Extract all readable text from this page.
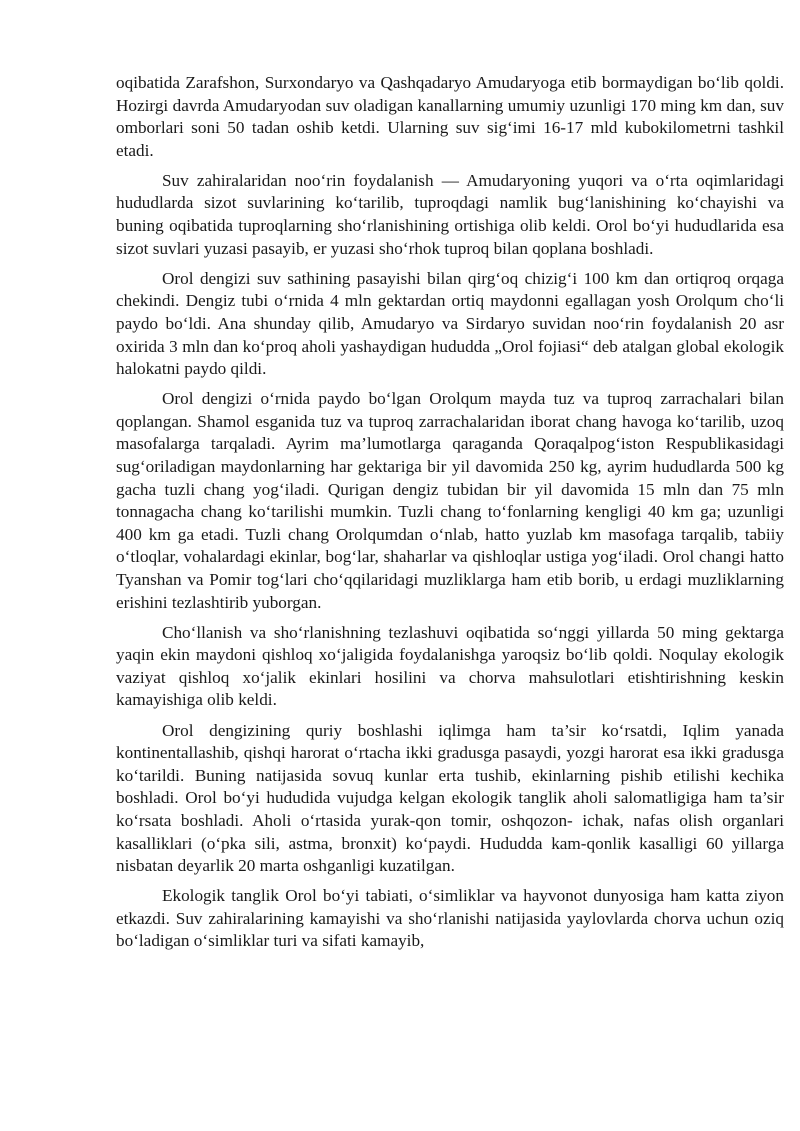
oqibatida Zarafshon, Surxondaryo va Qashqadaryo Amudaryoga etib bormaydigan bo‘lib qoldi. Hozirgi davrda Amudaryodan suv oladigan kanallarning umumiy uzunligi 170 ming km dan, suv omborlari soni 50 tadan oshib ketdi. Ularning suv sig‘imi 16-17 mld kubokilometrni tashkil etadi.

Suv zahiralaridan noo‘rin foydalanish — Amudaryoning yuqori va o‘rta oqimlaridagi hududlarda sizot suvlarining ko‘tarilib, tuproqdagi namlik bug‘lanishining ko‘chayishi va buning oqibatida tuproqlarning sho‘rlanishining ortishiga olib keldi. Orol bo‘yi hududlarida esa sizot suvlari yuzasi pasayib, er yuzasi sho‘rhok tuproq bilan qoplana boshladi.

Orol dengizi suv sathining pasayishi bilan qirg‘oq chizig‘i 100 km dan ortiqroq orqaga chekindi. Dengiz tubi o‘rnida 4 mln gektardan ortiq maydonni egallagan yosh Orolqum cho‘li paydo bo‘ldi. Ana shunday qilib, Amudaryo va Sirdaryo suvidan noo‘rin foydalanish 20 asr oxirida 3 mln dan ko‘proq aholi yashaydigan hududda „Orol fojiasi“ deb atalgan global ekologik halokatni paydo qildi.

Orol dengizi o‘rnida paydo bo‘lgan Orolqum mayda tuz va tuproq zarrachalari bilan qoplangan. Shamol esganida tuz va tuproq zarrachalaridan iborat chang havoga ko‘tarilib, uzoq masofalarga tarqaladi. Ayrim ma’lumotlarga qaraganda Qoraqalpog‘iston Respublikasidagi sug‘oriladigan maydonlarning har gektariga bir yil davomida 250 kg, ayrim hududlarda 500 kg gacha tuzli chang yog‘iladi. Qurigan dengiz tubidan bir yil davomida 15 mln dan 75 mln tonnagacha chang ko‘tarilishi mumkin. Tuzli chang to‘fonlarning kengligi 40 km ga; uzunligi 400 km ga etadi. Tuzli chang Orolqumdan o‘nlab, hatto yuzlab km masofaga tarqalib, tabiiy o‘tloqlar, vohalardagi ekinlar, bog‘lar, shaharlar va qishloqlar ustiga yog‘iladi. Orol changi hatto Tyanshan va Pomir tog‘lari cho‘qqilaridagi muzliklarga ham etib borib, u erdagi muzliklarning erishini tezlashtirib yuborgan.

Cho‘llanish va sho‘rlanishning tezlashuvi oqibatida so‘nggi yillarda 50 ming gektarga yaqin ekin maydoni qishloq xo‘jaligida foydalanishga yaroqsiz bo‘lib qoldi. Noqulay ekologik vaziyat qishloq xo‘jalik ekinlari hosilini va chorva mahsulotlari etishtirishning keskin kamayishiga olib keldi.

Orol dengizining quriy boshlashi iqlimga ham ta’sir ko‘rsatdi, Iqlim yanada kontinentallashib, qishqi harorat o‘rtacha ikki gradusga pasaydi, yozgi harorat esa ikki gradusga ko‘tarildi. Buning natijasida sovuq kunlar erta tushib, ekinlarning pishib etilishi kechika boshladi. Orol bo‘yi hududida vujudga kelgan ekologik tanglik aholi salomatligiga ham ta’sir ko‘rsata boshladi. Aholi o‘rtasida yurak-qon tomir, oshqozon- ichak, nafas olish organlari kasalliklari (o‘pka sili, astma, bronxit) ko‘paydi. Hududda kam-qonlik kasalligi 60 yillarga nisbatan deyarlik 20 marta oshganligi kuzatilgan.

Ekologik tanglik Orol bo‘yi tabiati, o‘simliklar va hayvonot dunyosiga ham katta ziyon etkazdi. Suv zahiralarining kamayishi va sho‘rlanishi natijasida yaylovlarda chorva uchun oziq bo‘ladigan o‘simliklar turi va sifati kamayib,
